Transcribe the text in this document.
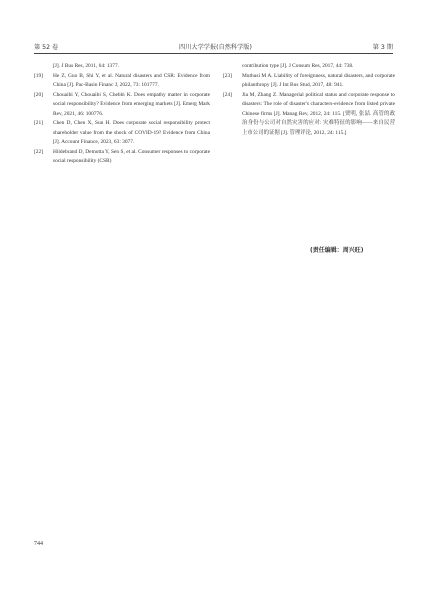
第 52 卷	四川大学学报(自然科学版)	第 3 期
[J]. J Bus Res, 2011, 64: 1377.
[19]	He Z, Guo B, Shi Y, et al. Natural disasters and CSR: Evidence from China [J]. Pac-Basin Financ J, 2022, 73: 101777.
[20]	Chouaibi Y, Chouaibi S, Chebbi K. Does empathy matter in corporate social responsibility? Evidence from emerging markets [J]. Emerg Mark Rev, 2021, 46: 100776.
[21]	Chen D, Chen X, Sun H. Does corporate social responsibility protect shareholder value from the shock of COVID-19? Evidence from China [J]. Account Finance, 2023, 63: 3077.
[22]	Hildebrand D, Demotta Y, Sen S, et al. Consumer responses to corporate social responsibility (CSR)
contribution type [J]. J Consum Res, 2017, 44: 738.
[23]	Muthusi M A. Liability of foreignness, natural disasters, and corporate philanthropy [J]. J Int Bus Stud, 2017, 48: 941.
[24]	Jia M, Zhang Z. Managerial political status and corporate response to disasters: The role of disaster's characters-evidence from listed private Chinese firms [J]. Manag Rev, 2012, 24: 115. [贾明, 张喆. 高管的政治身份与公司对自然灾害的应对: 灾难特征的影响——来自民营上市公司的证据 [J]. 管理评论, 2012, 24: 115.]
(责任编辑：周兴旺)
744
